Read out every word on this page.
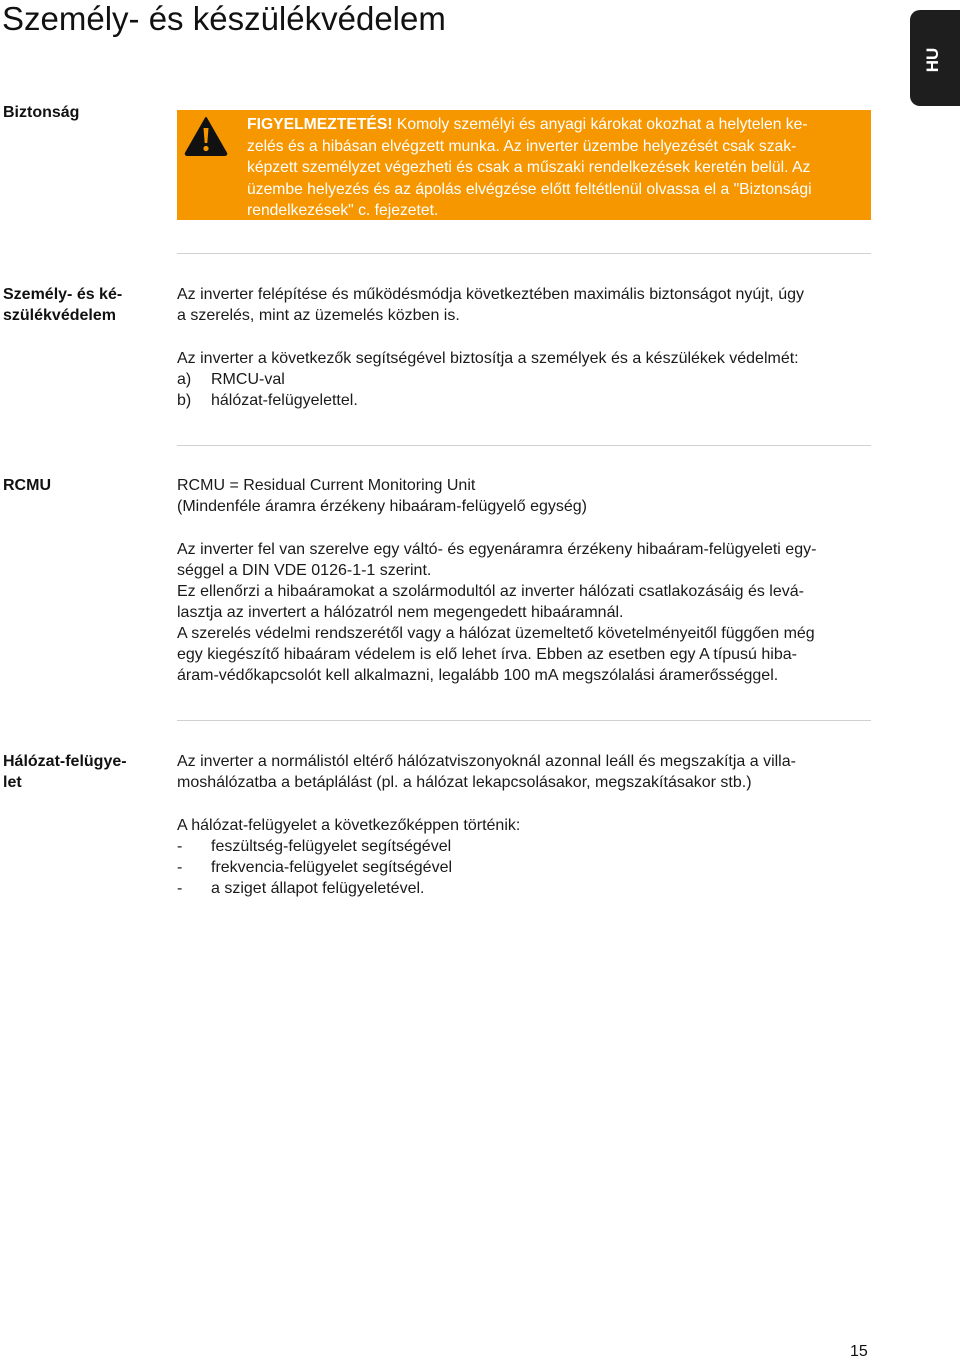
Személy- és készülékvédelem
HU
Biztonság
FIGYELMEZTETÉS! Komoly személyi és anyagi károkat okozhat a helytelen ke-
zelés és a hibásan elvégzett munka. Az inverter üzembe helyezését csak szak-
képzett személyzet végezheti és csak a műszaki rendelkezések keretén belül. Az
üzembe helyezés és az ápolás elvégzése előtt feltétlenül olvassa el a "Biztonsági
rendelkezések" c. fejezetet.
Személy- és ké-
szülékvédelem

Az inverter felépítése és működésmódja következtében maximális biztonságot nyújt, úgy
a szerelés, mint az üzemelés közben is.

Az inverter a következők segítségével biztosítja a személyek és a készülékek védelmét:

a)	RMCU-val
b)	hálózat-felügyelettel.
RCMU	RCMU = Residual Current Monitoring Unit
(Mindenféle áramra érzékeny hibaáram-felügyelő egység)

Az inverter fel van szerelve egy váltó- és egyenáramra érzékeny hibaáram-felügyeleti egy-
séggel a DIN VDE 0126-1-1 szerint.
Ez ellenőrzi a hibaáramokat a szolármodultól az inverter hálózati csatlakozásáig és levá-
lasztja az invertert a hálózatról nem megengedett hibaáramnál.
A szerelés védelmi rendszerétől vagy a hálózat üzemeltető követelményeitől függően még
egy kiegészítő hibaáram védelem is elő lehet írva. Ebben az esetben egy A típusú hiba-
áram-védőkapcsolót kell alkalmazni, legalább 100 mA megszólalási áramerősséggel.

Hálózat-felügye-
let

Az inverter a normálistól eltérő hálózatviszonyoknál azonnal leáll és megszakítja a villa-
moshálózatba a betáplálást (pl. a hálózat lekapcsolásakor, megszakításakor stb.)

A hálózat-felügyelet a következőképpen történik:

-	feszültség-felügyelet segítségével
-	frekvencia-felügyelet segítségével
-	a sziget állapot felügyeletével.
15
